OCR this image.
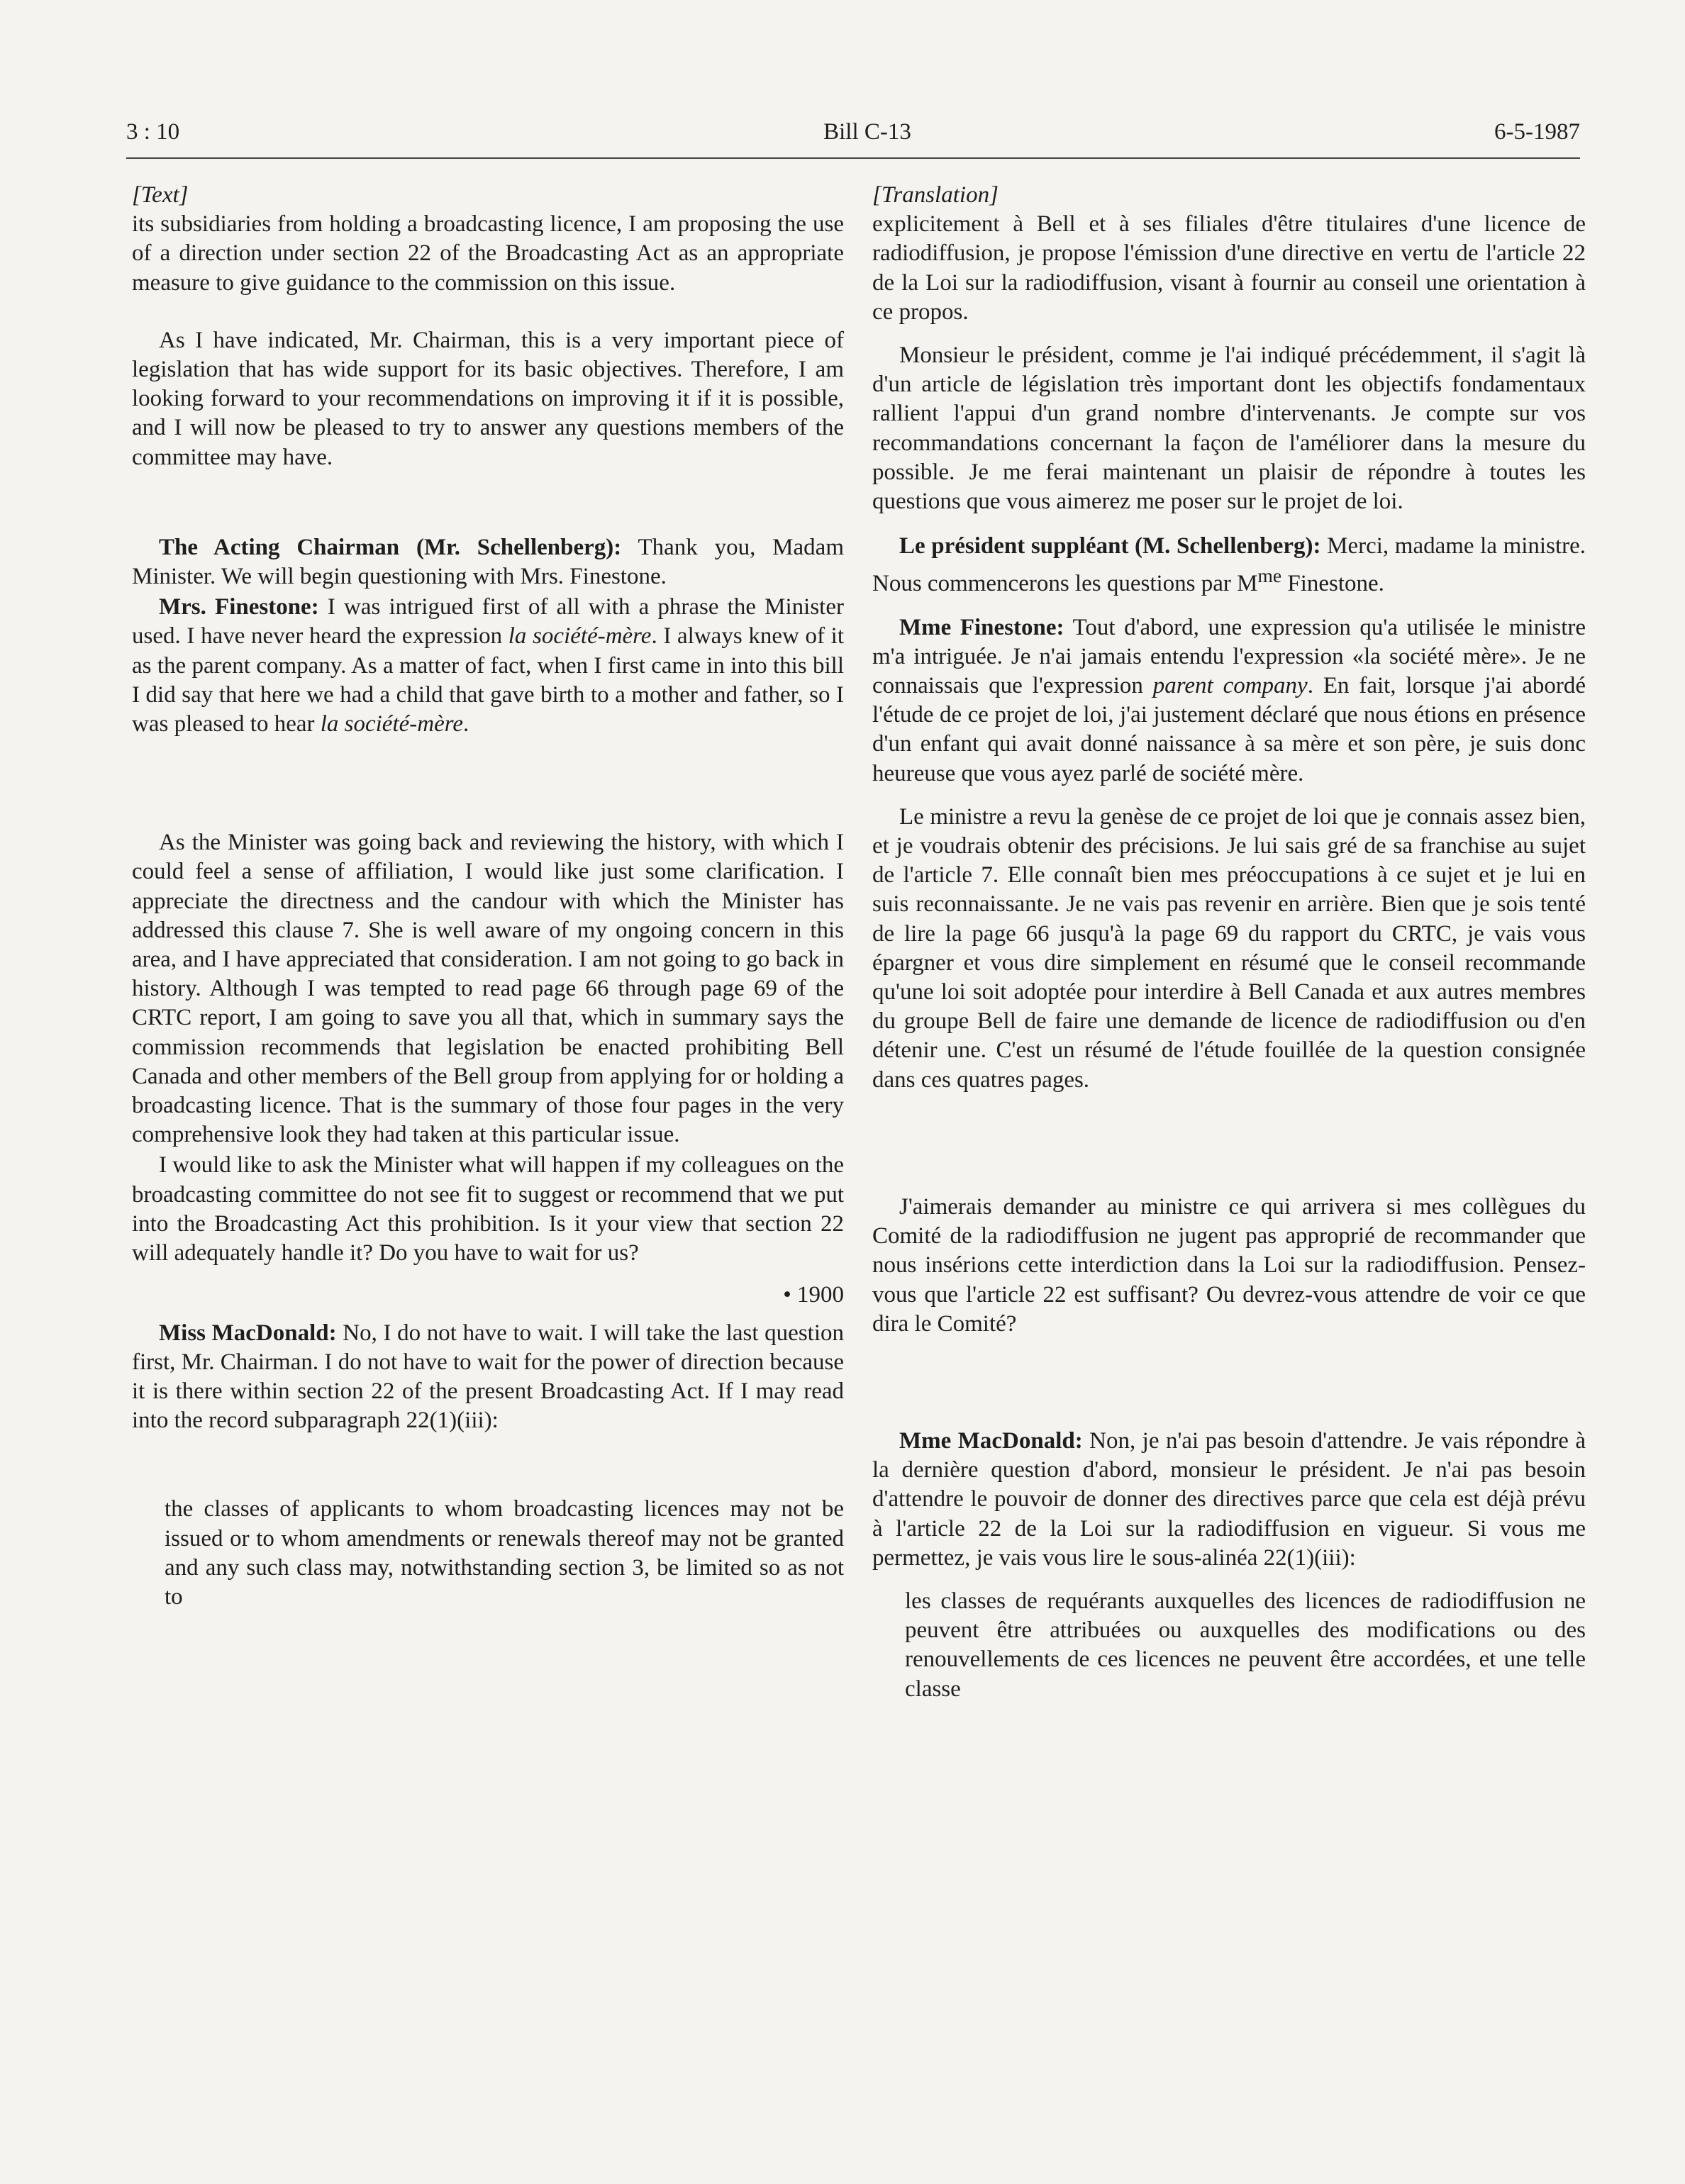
3 : 10	Bill C-13	6-5-1987
[Text]

its subsidiaries from holding a broadcasting licence, I am proposing the use of a direction under section 22 of the Broadcasting Act as an appropriate measure to give guidance to the commission on this issue.

As I have indicated, Mr. Chairman, this is a very important piece of legislation that has wide support for its basic objectives. Therefore, I am looking forward to your recommendations on improving it if it is possible, and I will now be pleased to try to answer any questions members of the committee may have.

The Acting Chairman (Mr. Schellenberg): Thank you, Madam Minister. We will begin questioning with Mrs. Finestone.

Mrs. Finestone: I was intrigued first of all with a phrase the Minister used. I have never heard the expression la société-mère. I always knew of it as the parent company. As a matter of fact, when I first came in into this bill I did say that here we had a child that gave birth to a mother and father, so I was pleased to hear la société-mère.

As the Minister was going back and reviewing the history, with which I could feel a sense of affiliation, I would like just some clarification. I appreciate the directness and the candour with which the Minister has addressed this clause 7. She is well aware of my ongoing concern in this area, and I have appreciated that consideration. I am not going to go back in history. Although I was tempted to read page 66 through page 69 of the CRTC report, I am going to save you all that, which in summary says the commission recommends that legislation be enacted prohibiting Bell Canada and other members of the Bell group from applying for or holding a broadcasting licence. That is the summary of those four pages in the very comprehensive look they had taken at this particular issue.

I would like to ask the Minister what will happen if my colleagues on the broadcasting committee do not see fit to suggest or recommend that we put into the Broadcasting Act this prohibition. Is it your view that section 22 will adequately handle it? Do you have to wait for us?

• 1900

Miss MacDonald: No, I do not have to wait. I will take the last question first, Mr. Chairman. I do not have to wait for the power of direction because it is there within section 22 of the present Broadcasting Act. If I may read into the record subparagraph 22(1)(iii):

the classes of applicants to whom broadcasting licences may not be issued or to whom amendments or renewals thereof may not be granted and any such class may, notwithstanding section 3, be limited so as not to

[Translation]

explicitement à Bell et à ses filiales d'être titulaires d'une licence de radiodiffusion, je propose l'émission d'une directive en vertu de l'article 22 de la Loi sur la radiodiffusion, visant à fournir au conseil une orientation à ce propos.

Monsieur le président, comme je l'ai indiqué précédemment, il s'agit là d'un article de législation très important dont les objectifs fondamentaux rallient l'appui d'un grand nombre d'intervenants. Je compte sur vos recommandations concernant la façon de l'améliorer dans la mesure du possible. Je me ferai maintenant un plaisir de répondre à toutes les questions que vous aimerez me poser sur le projet de loi.

Le président suppléant (M. Schellenberg): Merci, madame la ministre. Nous commencerons les questions par $M^{me}$ Finestone.

Mme Finestone: Tout d'abord, une expression qu'a utilisée le ministre m'a intriguée. Je n'ai jamais entendu l'expression «la société mère». Je ne connaissais que l'expression parent company. En fait, lorsque j'ai abordé l'étude de ce projet de loi, j'ai justement déclaré que nous étions en présence d'un enfant qui avait donné naissance à sa mère et son père, je suis donc heureuse que vous ayez parlé de société mère.

Le ministre a revu la genèse de ce projet de loi que je connais assez bien, et je voudrais obtenir des précisions. Je lui sais gré de sa franchise au sujet de l'article 7. Elle connaît bien mes préoccupations à ce sujet et je lui en suis reconnaissante. Je ne vais pas revenir en arrière. Bien que je sois tenté de lire la page 66 jusqu'à la page 69 du rapport du CRTC, je vais vous épargner et vous dire simplement en résumé que le conseil recommande qu'une loi soit adoptée pour interdire à Bell Canada et aux autres membres du groupe Bell de faire une demande de licence de radiodiffusion ou d'en détenir une. C'est un résumé de l'étude fouillée de la question consignée dans ces quatres pages.

J'aimerais demander au ministre ce qui arrivera si mes collègues du Comité de la radiodiffusion ne jugent pas approprié de recommander que nous insérions cette interdiction dans la Loi sur la radiodiffusion. Pensez-vous que l'article 22 est suffisant? Ou devrez-vous attendre de voir ce que dira le Comité?

Mme MacDonald: Non, je n'ai pas besoin d'attendre. Je vais répondre à la dernière question d'abord, monsieur le président. Je n'ai pas besoin d'attendre le pouvoir de donner des directives parce que cela est déjà prévu à l'article 22 de la Loi sur la radiodiffusion en vigueur. Si vous me permettez, je vais vous lire le sous-alinéa 22(1)(iii):

les classes de requérants auxquelles des licences de radiodiffusion ne peuvent être attribuées ou auxquelles des modifications ou des renouvellements de ces licences ne peuvent être accordées, et une telle classe
